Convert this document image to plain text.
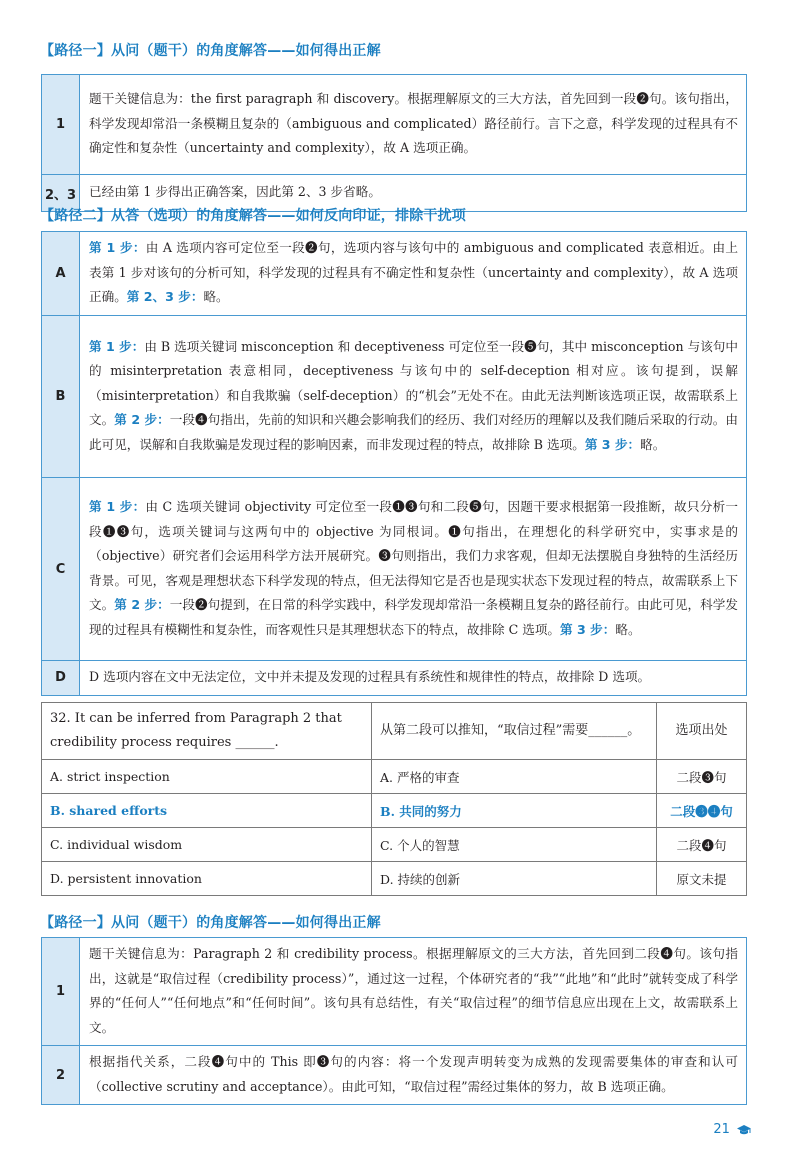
【路径一】从问（题干）的角度解答——如何得出正解
1	题干关键信息为：the first paragraph 和 discovery。根据理解原文的三大方法，首先回到一段❷句。该句指出，科学发现却常沿一条模糊且复杂的（ambiguous and complicated）路径前行。言下之意，科学发现的过程具有不确定性和复杂性（uncertainty and complexity），故 A 选项正确。
2、3	已经由第 1 步得出正确答案，因此第 2、3 步省略。
【路径二】从答（选项）的角度解答——如何反向印证，排除干扰项
A	第 1 步：由 A 选项内容可定位至一段❷句，选项内容与该句中的 ambiguous and complicated 表意相近。由上表第 1 步对该句的分析可知，科学发现的过程具有不确定性和复杂性（uncertainty and complexity），故 A 选项正确。第 2、3 步：略。
B	第 1 步：由 B 选项关键词 misconception 和 deceptiveness 可定位至一段❺句，其中 misconception 与该句中的 misinterpretation 表意相同，deceptiveness 与该句中的 self-deception 相对应。该句提到，误解（misinterpretation）和自我欺骗（self-deception）的“机会”无处不在。由此无法判断该选项正误，故需联系上文。第 2 步：一段❹句指出，先前的知识和兴趣会影响我们的经历、我们对经历的理解以及我们随后采取的行动。由此可见，误解和自我欺骗是发现过程的影响因素，而非发现过程的特点，故排除 B 选项。第 3 步：略。
C	第 1 步：由 C 选项关键词 objectivity 可定位至一段❶❸句和二段❺句，因题干要求根据第一段推断，故只分析一段❶❸句，选项关键词与这两句中的 objective 为同根词。❶句指出，在理想化的科学研究中，实事求是的（objective）研究者们会运用科学方法开展研究。❸句则指出，我们力求客观，但却无法摆脱自身独特的生活经历背景。可见，客观是理想状态下科学发现的特点，但无法得知它是否也是现实状态下发现过程的特点，故需联系上下文。第 2 步：一段❷句提到，在日常的科学实践中，科学发现却常沿一条模糊且复杂的路径前行。由此可见，科学发现的过程具有模糊性和复杂性，而客观性只是其理想状态下的特点，故排除 C 选项。第 3 步：略。
D	D 选项内容在文中无法定位，文中并未提及发现的过程具有系统性和规律性的特点，故排除 D 选项。
32. It can be inferred from Paragraph 2 that credibility process requires ______.	从第二段可以推知，“取信过程”需要______。	选项出处
A. strict inspection	A. 严格的审查	二段❸句
B. shared efforts	B. 共同的努力	二段❸❹句
C. individual wisdom	C. 个人的智慧	二段❹句
D. persistent innovation	D. 持续的创新	原文未提
【路径一】从问（题干）的角度解答——如何得出正解
1	题干关键信息为：Paragraph 2 和 credibility process。根据理解原文的三大方法，首先回到二段❹句。该句指出，这就是“取信过程（credibility process）”，通过这一过程，个体研究者的“我”“此地”和“此时”就转变成了科学界的“任何人”“任何地点”和“任何时间”。该句具有总结性，有关“取信过程”的细节信息应出现在上文，故需联系上文。
2	根据指代关系，二段❹句中的 This 即❸句的内容：将一个发现声明转变为成熟的发现需要集体的审查和认可（collective scrutiny and acceptance）。由此可知，“取信过程”需经过集体的努力，故 B 选项正确。
21
